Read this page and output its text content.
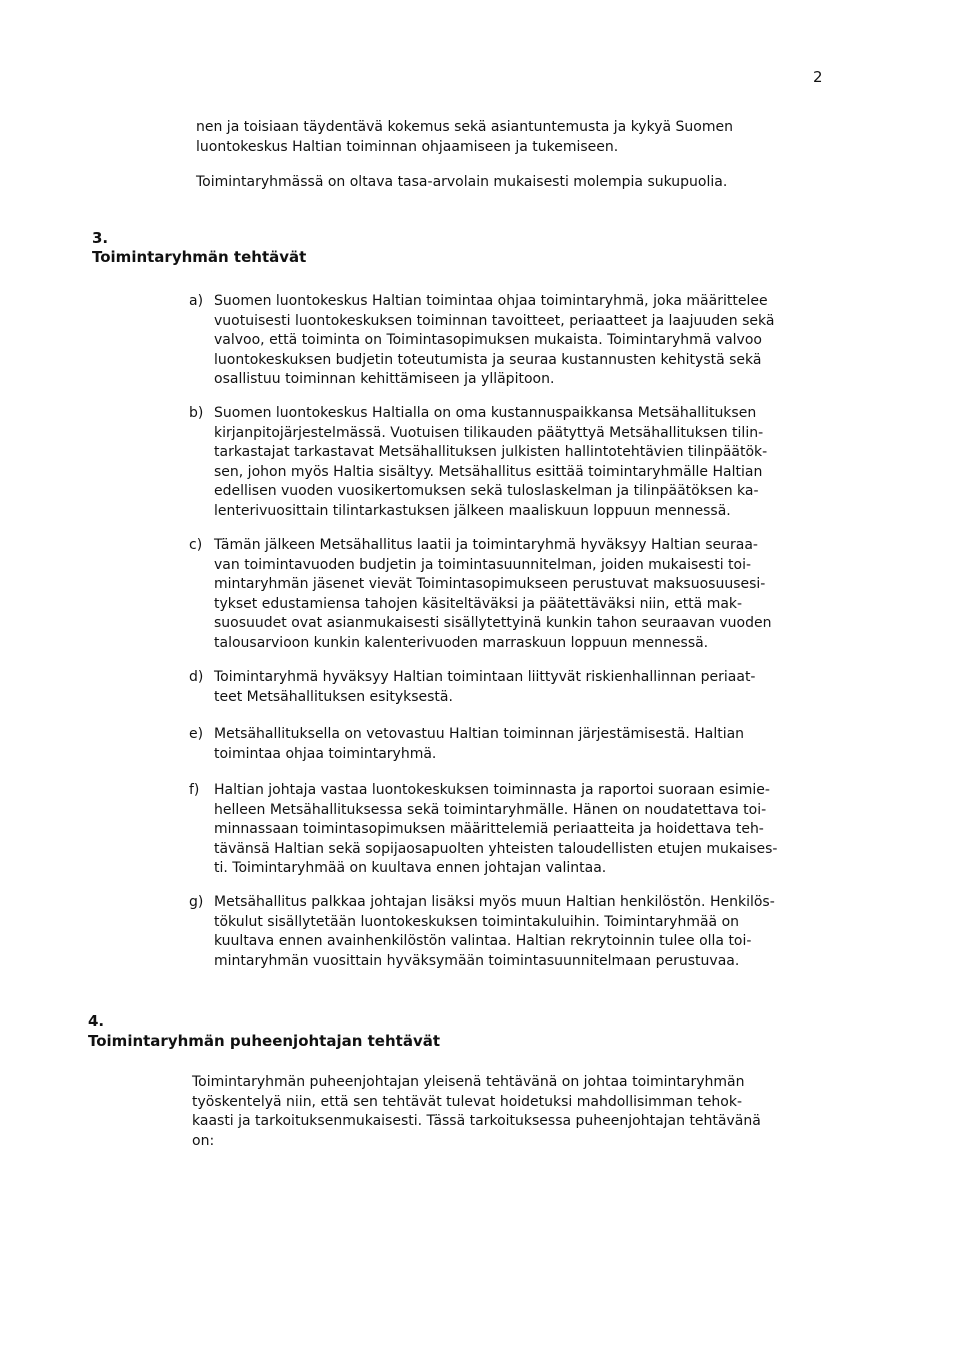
2
nen ja toisiaan täydentävä kokemus sekä asiantuntemusta ja kykyä Suomen
luontokeskus Haltian toiminnan ohjaamiseen ja tukemiseen.
Toimintaryhmässä on oltava tasa-arvolain mukaisesti molempia sukupuolia.
3.
Toimintaryhmän tehtävät
a) Suomen luontokeskus Haltian toimintaa ohjaa toimintaryhmä, joka määrittelee
vuotuisesti luontokeskuksen toiminnan tavoitteet, periaatteet ja laajuuden sekä
valvoo, että toiminta on Toimintasopimuksen mukaista. Toimintaryhmä valvoo
luontokeskuksen budjetin toteutumista ja seuraa kustannusten kehitystä sekä
osallistuu toiminnan kehittämiseen ja ylläpitoon.
b) Suomen luontokeskus Haltialla on oma kustannuspaikkansa Metsähallituksen
kirjanpitojärjestelmässä. Vuotuisen tilikauden päätyttyä Metsähallituksen tilin-
tarkastajat tarkastavat Metsähallituksen julkisten hallintotehtävien tilinpäätök-
sen, johon myös Haltia sisältyy. Metsähallitus esittää toimintaryhmälle Haltian
edellisen vuoden vuosikertomuksen sekä tuloslaskelman ja tilinpäätöksen ka-
lenterivuosittain tilintarkastuksen jälkeen maaliskuun loppuun mennessä.
c) Tämän jälkeen Metsähallitus laatii ja toimintaryhmä hyväksyy Haltian seuraa-
van toimintavuoden budjetin ja toimintasuunnitelman, joiden mukaisesti toi-
mintaryhmän jäsenet vievät Toimintasopimukseen perustuvat maksuosuusesi-
tykset edustamiensa tahojen käsiteltäväksi ja päätettäväksi niin, että mak-
suosuudet ovat asianmukaisesti sisällytettyinä kunkin tahon seuraavan vuoden
talousarvioon kunkin kalenterivuoden marraskuun loppuun mennessä.
d) Toimintaryhmä hyväksyy Haltian toimintaan liittyvät riskienhallinnan periaat-
teet Metsähallituksen esityksestä.
e) Metsähallituksella on vetovastuu Haltian toiminnan järjestämisestä. Haltian
toimintaa ohjaa toimintaryhmä.
f) Haltian johtaja vastaa luontokeskuksen toiminnasta ja raportoi suoraan esimie-
helleen Metsähallituksessa sekä toimintaryhmälle. Hänen on noudatettava toi-
minnassaan toimintasopimuksen määrittelemiä periaatteita ja hoidettava teh-
tävänsä Haltian sekä sopijaosapuolten yhteisten taloudellisten etujen mukaises-
ti. Toimintaryhmää on kuultava ennen johtajan valintaa.
g) Metsähallitus palkkaa johtajan lisäksi myös muun Haltian henkilöstön. Henkilös-
tökulut sisällytetään luontokeskuksen toimintakuluihin. Toimintaryhmää on
kuultava ennen avainhenkilöstön valintaa. Haltian rekrytoinnin tulee olla toi-
mintaryhmän vuosittain hyväksymään toimintasuunnitelmaan perustuvaa.
4.
Toimintaryhmän puheenjohtajan tehtävät
Toimintaryhmän puheenjohtajan yleisenä tehtävänä on johtaa toimintaryhmän
työskentelyä niin, että sen tehtävät tulevat hoidetuksi mahdollisimman tehok-
kaasti ja tarkoituksenmukaisesti. Tässä tarkoituksessa puheenjohtajan tehtävänä
on:
